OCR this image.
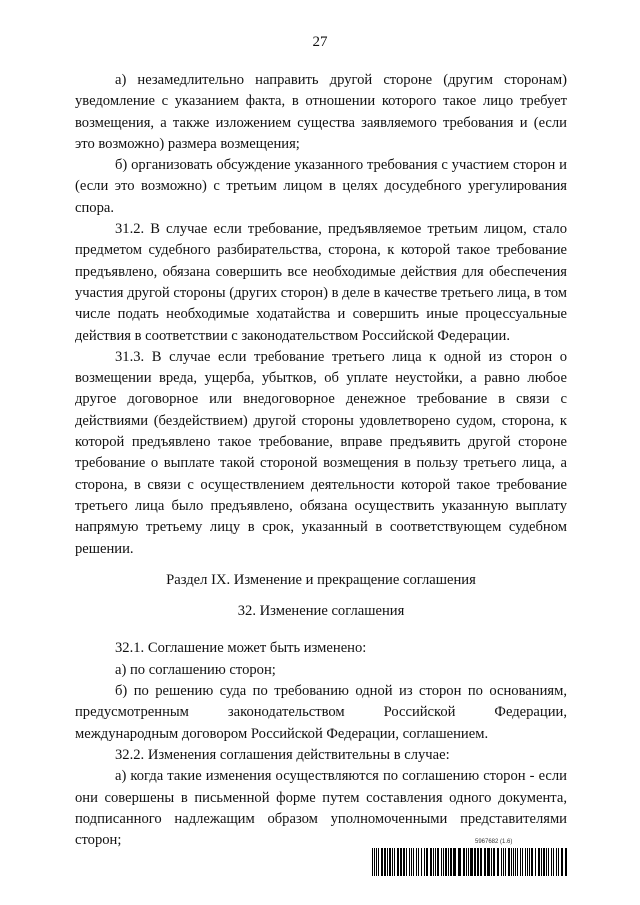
27

а) незамедлительно направить другой стороне (другим сторонам) уведомление с указанием факта, в отношении которого такое лицо требует возмещения, а также изложением существа заявляемого требования и (если это возможно) размера возмещения;

б) организовать обсуждение указанного требования с участием сторон и (если это возможно) с третьим лицом в целях досудебного урегулирования спора.

31.2. В случае если требование, предъявляемое третьим лицом, стало предметом судебного разбирательства, сторона, к которой такое требование предъявлено, обязана совершить все необходимые действия для обеспечения участия другой стороны (других сторон) в деле в качестве третьего лица, в том числе подать необходимые ходатайства и совершить иные процессуальные действия в соответствии с законодательством Российской Федерации.

31.3. В случае если требование третьего лица к одной из сторон о возмещении вреда, ущерба, убытков, об уплате неустойки, а равно любое другое договорное или внедоговорное денежное требование в связи с действиями (бездействием) другой стороны удовлетворено судом, сторона, к которой предъявлено такое требование, вправе предъявить другой стороне требование о выплате такой стороной возмещения в пользу третьего лица, а сторона, в связи с осуществлением деятельности которой такое требование третьего лица было предъявлено, обязана осуществить указанную выплату напрямую третьему лицу в срок, указанный в соответствующем судебном решении.

Раздел IX. Изменение и прекращение соглашения

32. Изменение соглашения

32.1. Соглашение может быть изменено:

а) по соглашению сторон;

б) по решению суда по требованию одной из сторон по основаниям, предусмотренным законодательством Российской Федерации, международным договором Российской Федерации, соглашением.

32.2. Изменения соглашения действительны в случае:

а) когда такие изменения осуществляются по соглашению сторон - если они совершены в письменной форме путем составления одного документа, подписанного надлежащим образом уполномоченными представителями сторон;	5967682 (1.6)
